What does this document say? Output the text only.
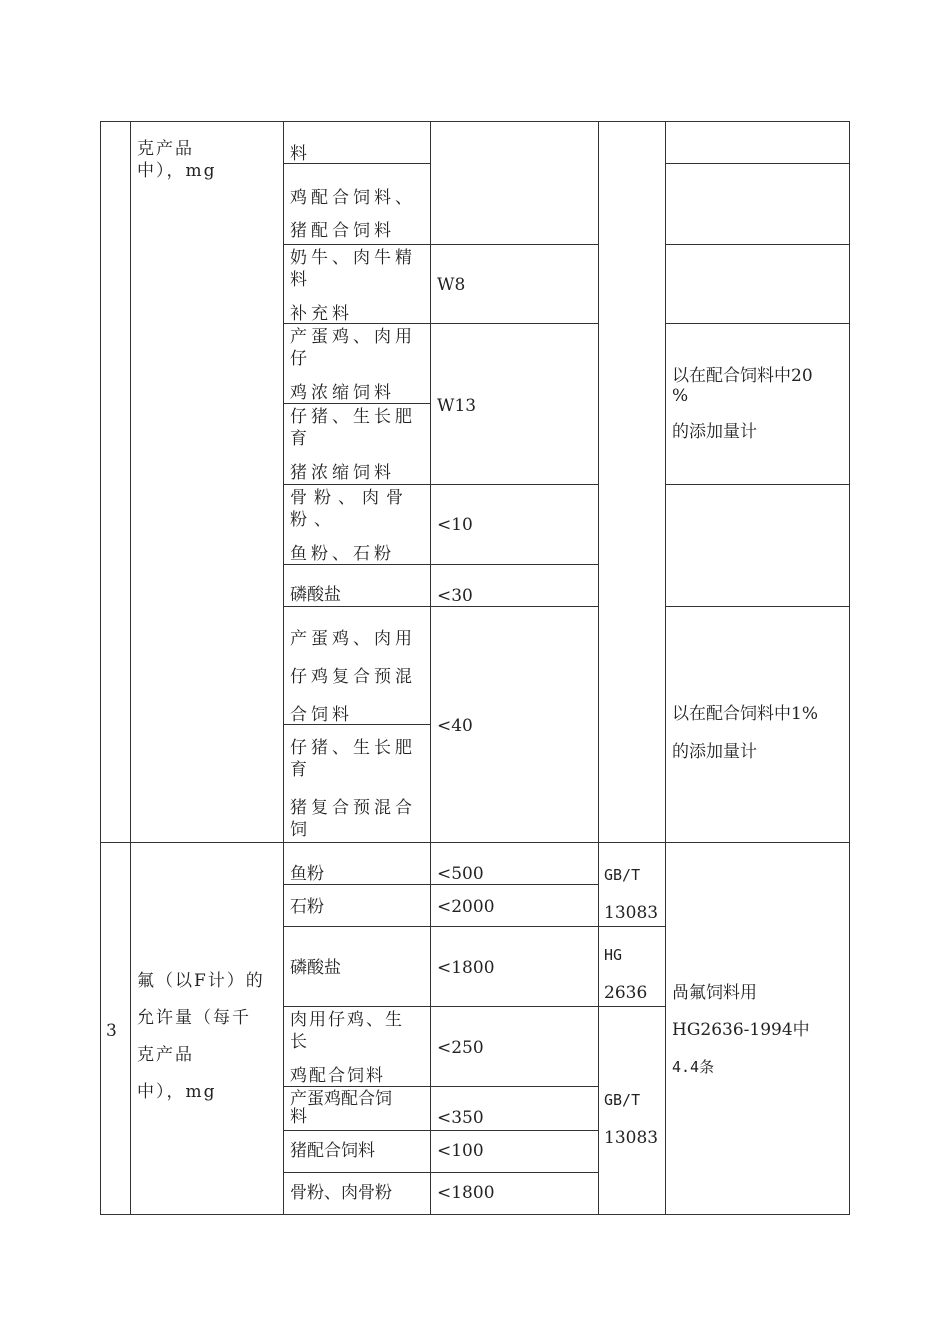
克产品
中），mg
料
鸡配合饲料、
猪配合饲料
奶牛、肉牛精
料
补充料
产蛋鸡、肉用
仔
鸡浓缩饲料
仔猪、生长肥
育
猪浓缩饲料
骨粉、肉骨
粉、
鱼粉、石粉
磷酸盐
产蛋鸡、肉用
仔鸡复合预混
合饲料
仔猪、生长肥
育
猪复合预混合
饲
W8
W13
<10
<30
<40
以在配合饲料中20
%
的添加量计
以在配合饲料中1%
的添加量计
3
氟（以F计）的
允许量（每千
克产品
中），mg
鱼粉
石粉
磷酸盐
肉用仔鸡、生
长
鸡配合饲料
产蛋鸡配合饲
料
猪配合饲料
骨粉、肉骨粉
<500
<2000
<1800
<250
<350
<100
<1800
GB/T
13083
HG
2636
GB/T
13083
咼氟饲料用
HG2636-1994中
4.4条
